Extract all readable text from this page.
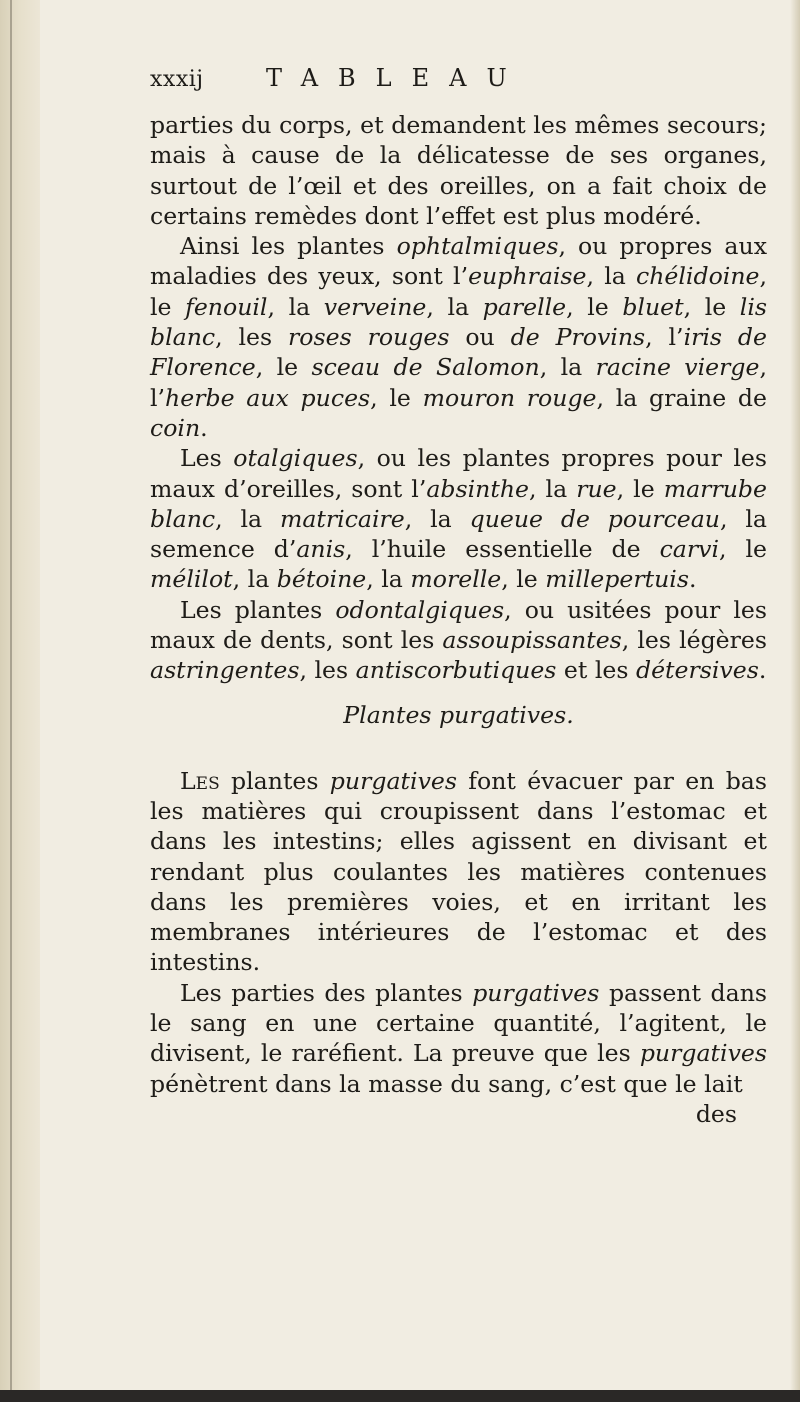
xxxij	TABLEAU

parties du corps, et demandent les mêmes secours; mais à cause de la délicatesse de ses organes, surtout de l’œil et des oreilles, on a fait choix de certains remèdes dont l’effet est plus modéré.

Ainsi les plantes ophtalmiques, ou propres aux maladies des yeux, sont l’euphraise, la chélidoine, le fenouil, la verveine, la parelle, le bluet, le lis blanc, les roses rouges ou de Provins, l’iris de Florence, le sceau de Salomon, la racine vierge, l’herbe aux puces, le mouron rouge, la graine de coin.

Les otalgiques, ou les plantes propres pour les maux d’oreilles, sont l’absinthe, la rue, le marrube blanc, la matricaire, la queue de pourceau, la semence d’anis, l’huile essentielle de carvi, le mélilot, la bétoine, la morelle, le millepertuis.

Les plantes odontalgiques, ou usitées pour les maux de dents, sont les assoupissantes, les légères astringentes, les antiscorbutiques et les détersives.

Plantes purgatives.

Les plantes purgatives font évacuer par en bas les matières qui croupissent dans l’estomac et dans les intestins; elles agissent en divisant et rendant plus coulantes les matières contenues dans les premières voies, et en irritant les membranes intérieures de l’estomac et des intestins.

Les parties des plantes purgatives passent dans le sang en une certaine quantité, l’agitent, le divisent, le raréfient. La preuve que les purgatives pénètrent dans la masse du sang, c’est que le lait

des
